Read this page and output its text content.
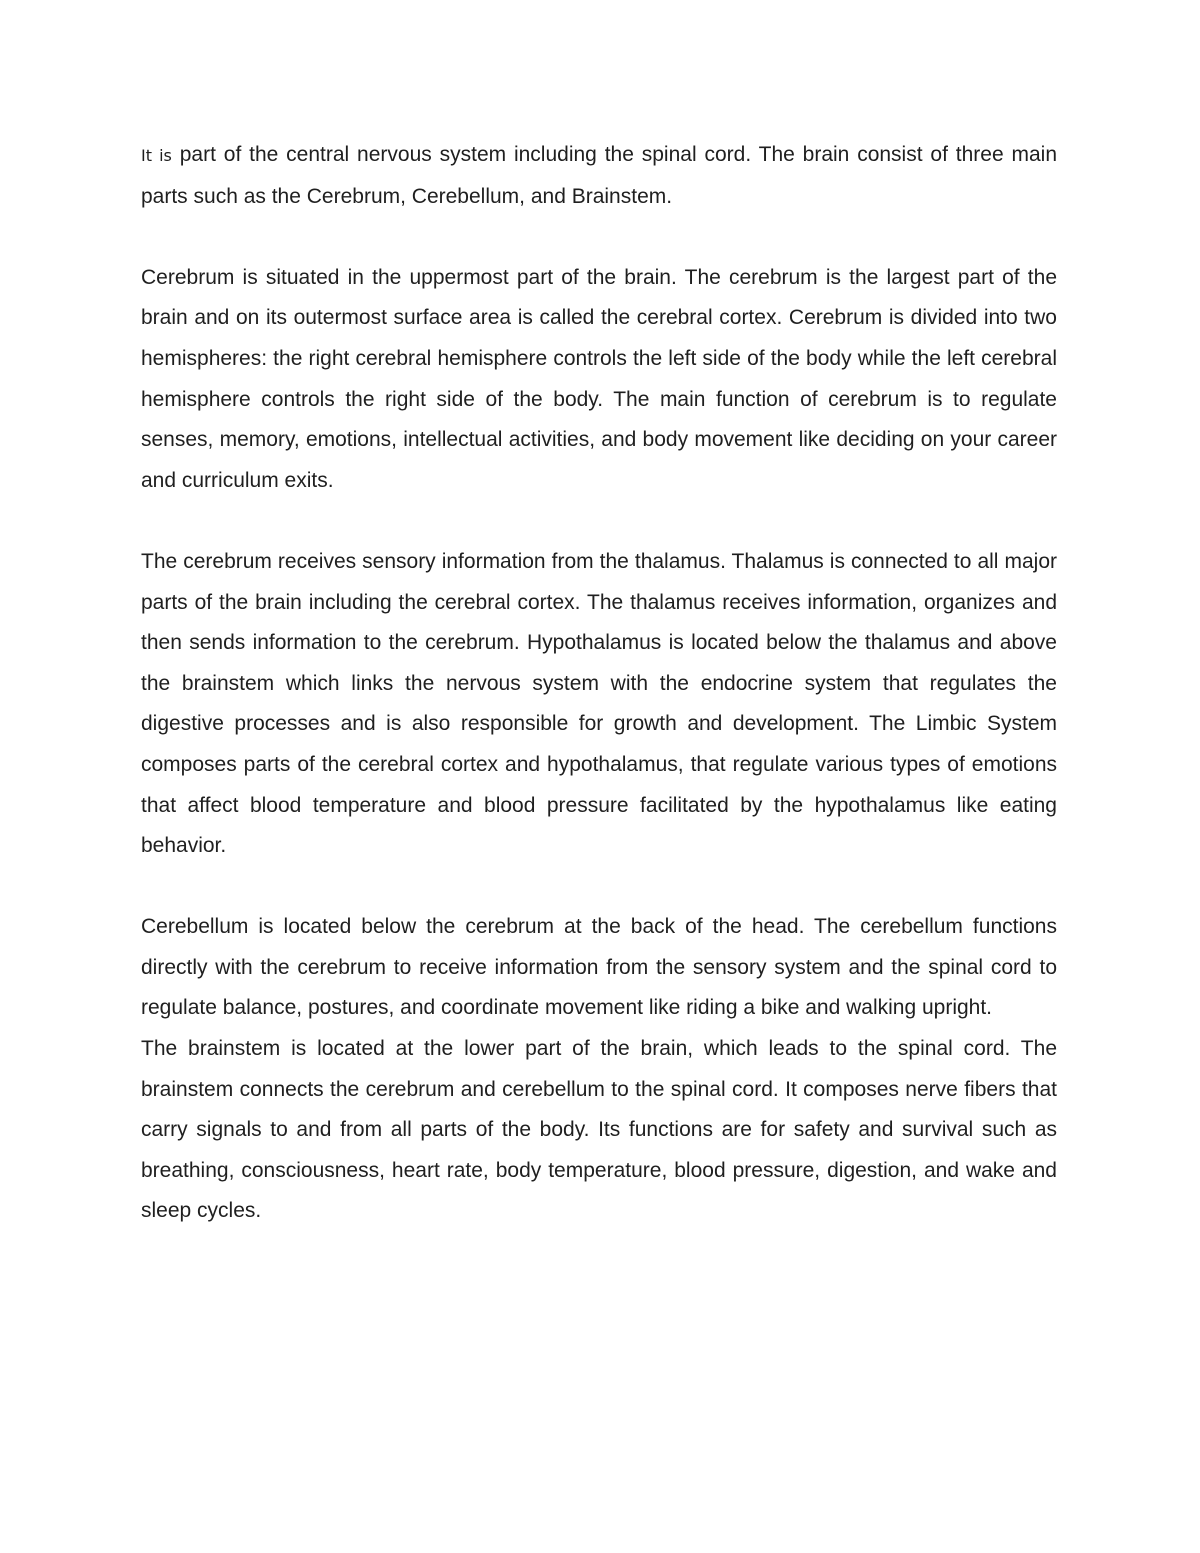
It is part of the central nervous system including the spinal cord. The brain consist of three main parts such as the Cerebrum, Cerebellum, and Brainstem.

Cerebrum is situated in the uppermost part of the brain. The cerebrum is the largest part of the brain and on its outermost surface area is called the cerebral cortex. Cerebrum is divided into two hemispheres: the right cerebral hemisphere controls the left side of the body while the left cerebral hemisphere controls the right side of the body. The main function of cerebrum is to regulate senses, memory, emotions, intellectual activities, and body movement like deciding on your career and curriculum exits.

The cerebrum receives sensory information from the thalamus. Thalamus is connected to all major parts of the brain including the cerebral cortex. The thalamus receives information, organizes and then sends information to the cerebrum. Hypothalamus is located below the thalamus and above the brainstem which links the nervous system with the endocrine system that regulates the digestive processes and is also responsible for growth and development. The Limbic System composes parts of the cerebral cortex and hypothalamus, that regulate various types of emotions that affect blood temperature and blood pressure facilitated by the hypothalamus like eating behavior.

Cerebellum is located below the cerebrum at the back of the head. The cerebellum functions directly with the cerebrum to receive information from the sensory system and the spinal cord to regulate balance, postures, and coordinate movement like riding a bike and walking upright.

The brainstem is located at the lower part of the brain, which leads to the spinal cord. The brainstem connects the cerebrum and cerebellum to the spinal cord. It composes nerve fibers that carry signals to and from all parts of the body. Its functions are for safety and survival such as breathing, consciousness, heart rate, body temperature, blood pressure, digestion, and wake and sleep cycles.
